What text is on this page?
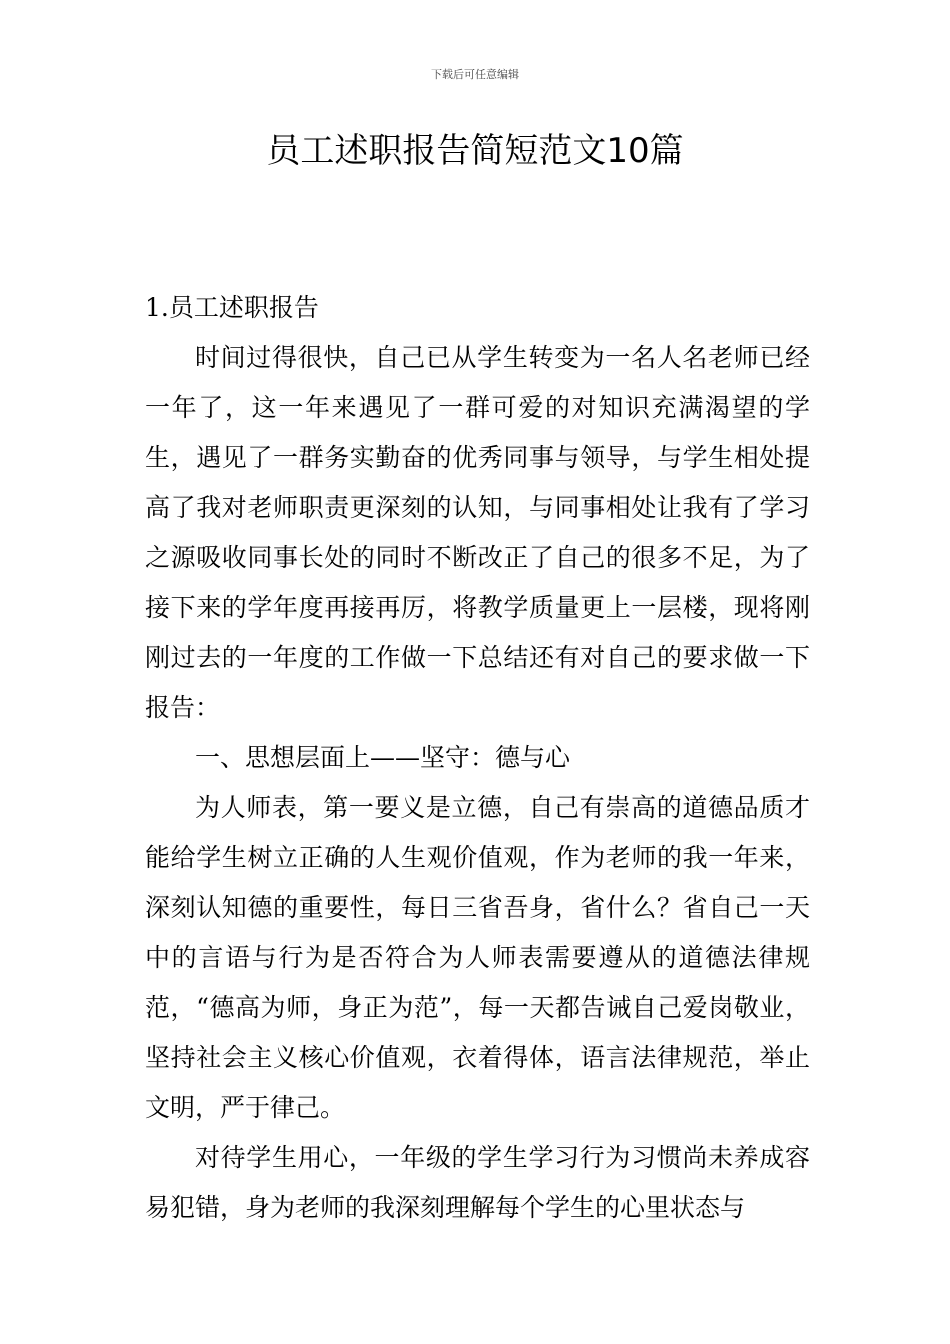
下载后可任意编辑
员工述职报告简短范文10篇

1.员工述职报告

时间过得很快，自己已从学生转变为一名人名老师已经一年了，这一年来遇见了一群可爱的对知识充满渴望的学生，遇见了一群务实勤奋的优秀同事与领导，与学生相处提高了我对老师职责更深刻的认知，与同事相处让我有了学习之源吸收同事长处的同时不断改正了自己的很多不足，为了接下来的学年度再接再厉，将教学质量更上一层楼，现将刚刚过去的一年度的工作做一下总结还有对自己的要求做一下报告：

一、思想层面上——坚守：德与心

为人师表，第一要义是立德，自己有崇高的道德品质才能给学生树立正确的人生观价值观，作为老师的我一年来，深刻认知德的重要性，每日三省吾身，省什么？省自己一天中的言语与行为是否符合为人师表需要遵从的道德法律规范，“德高为师，身正为范”，每一天都告诫自己爱岗敬业，坚持社会主义核心价值观，衣着得体，语言法律规范，举止文明，严于律己。

对待学生用心，一年级的学生学习行为习惯尚未养成容易犯错，身为老师的我深刻理解每个学生的心里状态与
